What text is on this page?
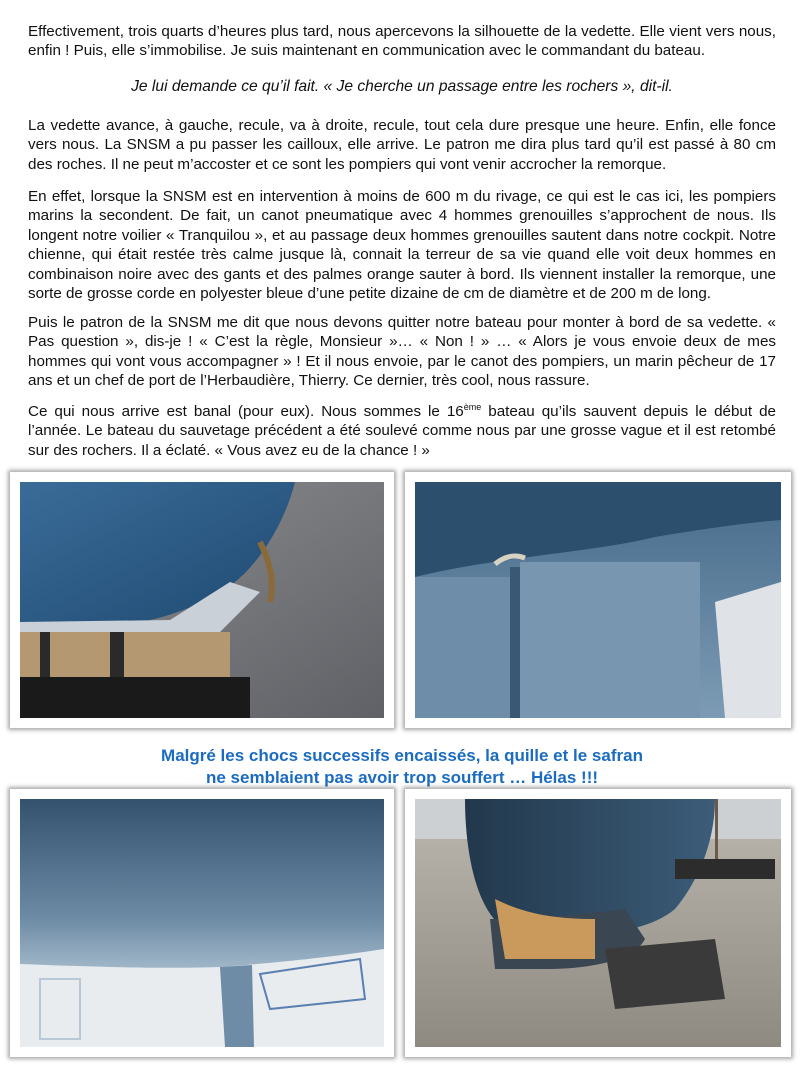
Effectivement, trois quarts d’heures plus tard, nous apercevons la silhouette de la vedette. Elle vient vers nous, enfin ! Puis, elle s’immobilise. Je suis maintenant en communication avec le commandant du bateau.

Je lui demande ce qu’il fait. « Je cherche un passage entre les rochers », dit-il.

La vedette avance, à gauche, recule, va à droite, recule, tout cela dure presque une heure. Enfin, elle fonce vers nous. La SNSM a pu passer les cailloux, elle arrive. Le patron me dira plus tard qu’il est passé à 80 cm des roches. Il ne peut m’accoster et ce sont les pompiers qui vont venir accrocher la remorque.

En effet, lorsque la SNSM est en intervention à moins de 600 m du rivage, ce qui est le cas ici, les pompiers marins la secondent. De fait, un canot pneumatique avec 4 hommes grenouilles s’approchent de nous. Ils longent notre voilier « Tranquilou », et au passage deux hommes grenouilles sautent dans notre cockpit. Notre chienne, qui était restée très calme jusque là, connait la terreur de sa vie quand elle voit deux hommes en combinaison noire avec des gants et des palmes orange sauter à bord. Ils viennent installer la remorque, une sorte de grosse corde en polyester bleue d’une petite dizaine de cm de diamètre et de 200 m de long.

Puis le patron de la SNSM me dit que nous devons quitter notre bateau pour monter à bord de sa vedette. « Pas question », dis-je ! « C’est la règle, Monsieur »… « Non ! » … « Alors je vous envoie deux de mes hommes qui vont vous accompagner » ! Et il nous envoie, par le canot des pompiers, un marin pêcheur de 17 ans et un chef de port de l’Herbaudière, Thierry. Ce dernier, très cool, nous rassure.

Ce qui nous arrive est banal (pour eux). Nous sommes le 16ème bateau qu’ils sauvent depuis le début de l’année. Le bateau du sauvetage précédent a été soulevé comme nous par une grosse vague et il est retombé sur des rochers. Il a éclaté. « Vous avez eu de la chance ! »

Malgré les chocs successifs encaissés, la quille et le safran
ne semblaient pas avoir trop souffert … Hélas !!!
